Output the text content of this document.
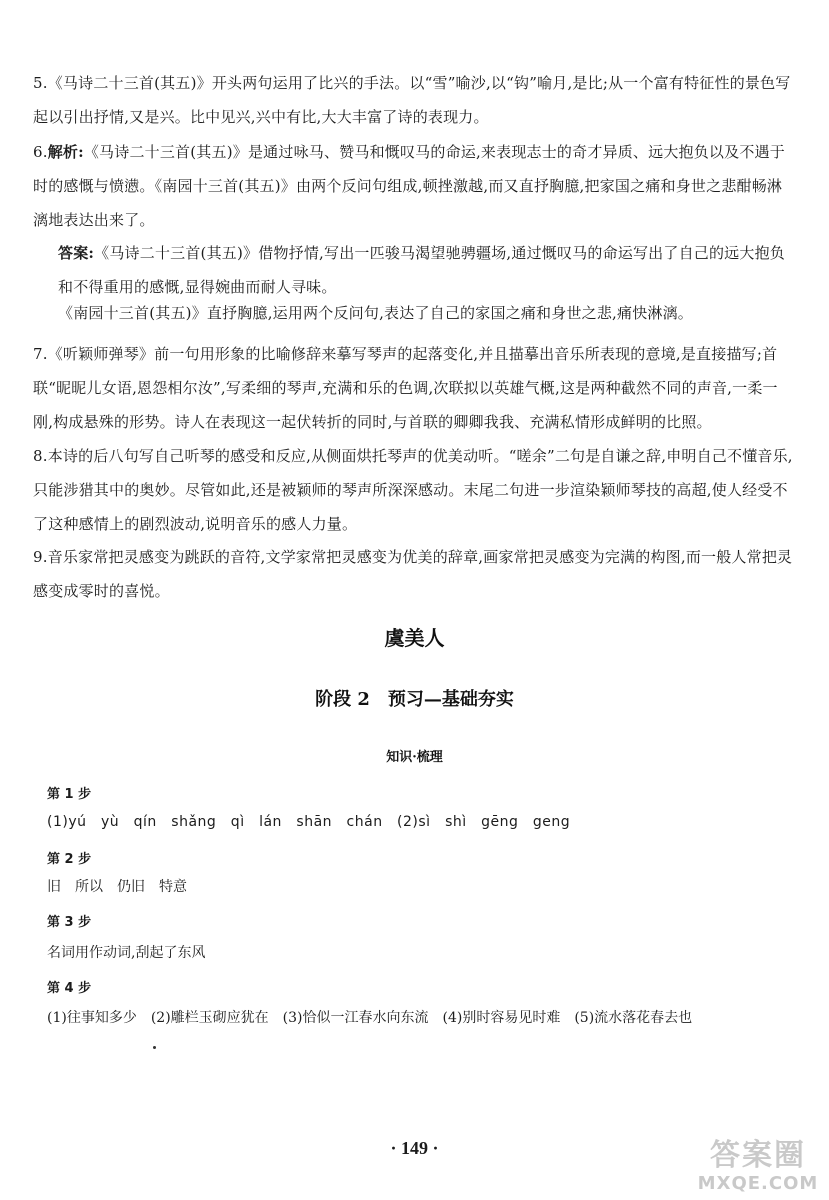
5.《马诗二十三首(其五)》开头两句运用了比兴的手法。以“雪”喻沙,以“钩”喻月,是比;从一个富有特征性的景色写起以引出抒情,又是兴。比中见兴,兴中有比,大大丰富了诗的表现力。
6.解析:《马诗二十三首(其五)》是通过咏马、赞马和慨叹马的命运,来表现志士的奇才异质、远大抱负以及不遇于时的感慨与愤懑。《南园十三首(其五)》由两个反问句组成,顿挫激越,而又直抒胸臆,把家国之痛和身世之悲酣畅淋漓地表达出来了。
答案:《马诗二十三首(其五)》借物抒情,写出一匹骏马渴望驰骋疆场,通过慨叹马的命运写出了自己的远大抱负和不得重用的感慨,显得婉曲而耐人寻味。
《南园十三首(其五)》直抒胸臆,运用两个反问句,表达了自己的家国之痛和身世之悲,痛快淋漓。
7.《听颖师弹琴》前一句用形象的比喻修辞来摹写琴声的起落变化,并且描摹出音乐所表现的意境,是直接描写;首联“昵昵儿女语,恩怨相尔汝”,写柔细的琴声,充满和乐的色调,次联拟以英雄气概,这是两种截然不同的声音,一柔一刚,构成悬殊的形势。诗人在表现这一起伏转折的同时,与首联的卿卿我我、充满私情形成鲜明的比照。
8.本诗的后八句写自己听琴的感受和反应,从侧面烘托琴声的优美动听。“嗟余”二句是自谦之辞,申明自己不懂音乐,只能涉猎其中的奥妙。尽管如此,还是被颖师的琴声所深深感动。末尾二句进一步渲染颖师琴技的高超,使人经受不了这种感情上的剧烈波动,说明音乐的感人力量。
9.音乐家常把灵感变为跳跃的音符,文学家常把灵感变为优美的辞章,画家常把灵感变为完满的构图,而一般人常把灵感变成零时的喜悦。
虞美人
阶段 2　预习—基础夯实
知识·梳理
第 1 步
(1)yú　yù　qín　shǎng　qì　lán　shān　chán　(2)sì　shì　gēng　geng
第 2 步
旧　所以　仍旧　特意
第 3 步
名词用作动词,刮起了东风
第 4 步
(1)往事知多少　(2)雕栏玉砌应犹在　(3)恰似一江春水向东流　(4)别时容易见时难　(5)流水落花春去也
· 149 ·	答案圈
MXQE.COM
